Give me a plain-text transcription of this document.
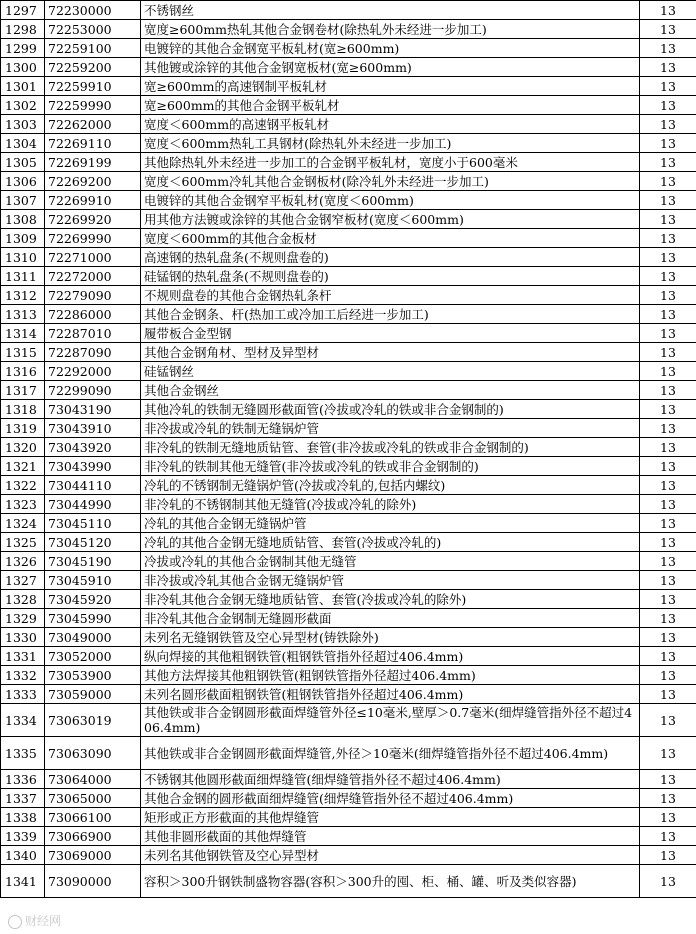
1297	72230000	不锈钢丝	13
1298	72253000	宽度≥600mm热轧其他合金钢卷材(除热轧外未经进一步加工)	13
1299	72259100	电镀锌的其他合金钢宽平板轧材(宽≥600mm)	13
1300	72259200	其他镀或涂锌的其他合金钢宽板材(宽≥600mm)	13
1301	72259910	宽≥600mm的高速钢制平板轧材	13
1302	72259990	宽≥600mm的其他合金钢平板轧材	13
1303	72262000	宽度＜600mm的高速钢平板轧材	13
1304	72269110	宽度＜600mm热轧工具钢材(除热轧外未经进一步加工)	13
1305	72269199	其他除热轧外未经进一步加工的合金钢平板轧材，宽度小于600毫米	13
1306	72269200	宽度＜600mm冷轧其他合金钢板材(除冷轧外未经进一步加工)	13
1307	72269910	电镀锌的其他合金钢窄平板轧材(宽度＜600mm)	13
1308	72269920	用其他方法镀或涂锌的其他合金钢窄板材(宽度＜600mm)	13
1309	72269990	宽度＜600mm的其他合金板材	13
1310	72271000	高速钢的热轧盘条(不规则盘卷的)	13
1311	72272000	硅锰钢的热轧盘条(不规则盘卷的)	13
1312	72279090	不规则盘卷的其他合金钢热轧条杆	13
1313	72286000	其他合金钢条、杆(热加工或冷加工后经进一步加工)	13
1314	72287010	履带板合金型钢	13
1315	72287090	其他合金钢角材、型材及异型材	13
1316	72292000	硅锰钢丝	13
1317	72299090	其他合金钢丝	13
1318	73043190	其他冷轧的铁制无缝圆形截面管(冷拔或冷轧的铁或非合金钢制的)	13
1319	73043910	非冷拔或冷轧的铁制无缝锅炉管	13
1320	73043920	非冷轧的铁制无缝地质钻管、套管(非冷拔或冷轧的铁或非合金钢制的)	13
1321	73043990	非冷轧的铁制其他无缝管(非冷拔或冷轧的铁或非合金钢制的)	13
1322	73044110	冷轧的不锈钢制无缝锅炉管(冷拔或冷轧的,包括内螺纹)	13
1323	73044990	非冷轧的不锈钢制其他无缝管(冷拔或冷轧的除外)	13
1324	73045110	冷轧的其他合金钢无缝锅炉管	13
1325	73045120	冷轧的其他合金钢无缝地质钻管、套管(冷拔或冷轧的)	13
1326	73045190	冷拔或冷轧的其他合金钢制其他无缝管	13
1327	73045910	非冷拔或冷轧其他合金钢无缝锅炉管	13
1328	73045920	非冷轧其他合金钢无缝地质钻管、套管(冷拔或冷轧的除外)	13
1329	73045990	非冷轧其他合金钢制无缝圆形截面	13
1330	73049000	未列名无缝钢铁管及空心异型材(铸铁除外)	13
1331	73052000	纵向焊接的其他粗钢铁管(粗钢铁管指外径超过406.4mm)	13
1332	73053900	其他方法焊接其他粗钢铁管(粗钢铁管指外径超过406.4mm)	13
1333	73059000	未列名圆形截面粗钢铁管(粗钢铁管指外径超过406.4mm)	13
1334	73063019	其他铁或非合金钢圆形截面焊缝管外径≤10毫米,壁厚＞0.7毫米(细焊缝管指外径不超过406.4mm)	13
1335	73063090	其他铁或非合金钢圆形截面焊缝管,外径＞10毫米(细焊缝管指外径不超过406.4mm)	13
1336	73064000	不锈钢其他圆形截面细焊缝管(细焊缝管指外径不超过406.4mm)	13
1337	73065000	其他合金钢的圆形截面细焊缝管(细焊缝管指外径不超过406.4mm)	13
1338	73066100	矩形或正方形截面的其他焊缝管	13
1339	73066900	其他非圆形截面的其他焊缝管	13
1340	73069000	未列名其他钢铁管及空心异型材	13
1341	73090000	容积＞300升钢铁制盛物容器(容积＞300升的囤、柜、桶、罐、听及类似容器)	13
财经网
